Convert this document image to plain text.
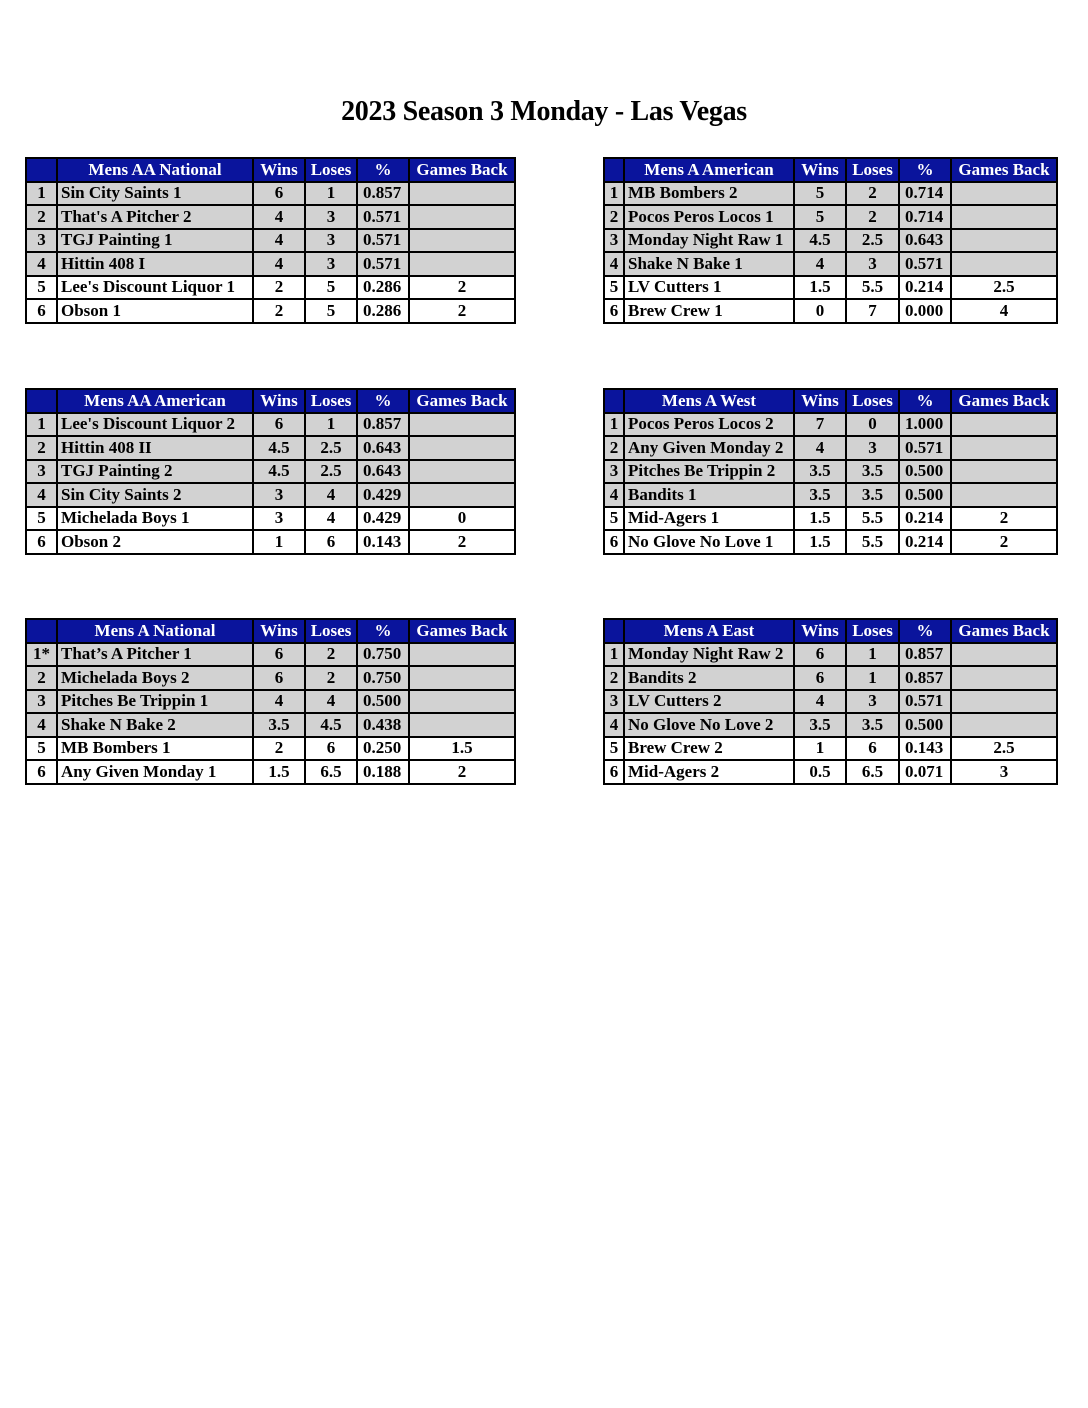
2023 Season 3 Monday - Las Vegas
	Mens AA National	Wins	Loses	%	Games Back
1	Sin City Saints 1	6	1	0.857	
2	That's A Pitcher 2	4	3	0.571	
3	TGJ Painting 1	4	3	0.571	
4	Hittin 408 I	4	3	0.571	
5	Lee's Discount Liquor 1	2	5	0.286	2
6	Obson 1	2	5	0.286	2
	Mens A American	Wins	Loses	%	Games Back
1	MB Bombers 2	5	2	0.714	
2	Pocos Peros Locos 1	5	2	0.714	
3	Monday Night Raw 1	4.5	2.5	0.643	
4	Shake N Bake 1	4	3	0.571	
5	LV Cutters 1	1.5	5.5	0.214	2.5
6	Brew Crew 1	0	7	0.000	4
	Mens AA American	Wins	Loses	%	Games Back
1	Lee's Discount Liquor 2	6	1	0.857	
2	Hittin 408 II	4.5	2.5	0.643	
3	TGJ Painting 2	4.5	2.5	0.643	
4	Sin City Saints 2	3	4	0.429	
5	Michelada Boys 1	3	4	0.429	0
6	Obson 2	1	6	0.143	2
	Mens A West	Wins	Loses	%	Games Back
1	Pocos Peros Locos 2	7	0	1.000	
2	Any Given Monday 2	4	3	0.571	
3	Pitches Be Trippin 2	3.5	3.5	0.500	
4	Bandits 1	3.5	3.5	0.500	
5	Mid-Agers 1	1.5	5.5	0.214	2
6	No Glove No Love 1	1.5	5.5	0.214	2
	Mens A National	Wins	Loses	%	Games Back
1*	That’s A Pitcher 1	6	2	0.750	
2	Michelada Boys 2	6	2	0.750	
3	Pitches Be Trippin 1	4	4	0.500	
4	Shake N Bake 2	3.5	4.5	0.438	
5	MB Bombers 1	2	6	0.250	1.5
6	Any Given Monday 1	1.5	6.5	0.188	2
	Mens A East	Wins	Loses	%	Games Back
1	Monday Night Raw 2	6	1	0.857	
2	Bandits 2	6	1	0.857	
3	LV Cutters 2	4	3	0.571	
4	No Glove No Love 2	3.5	3.5	0.500	
5	Brew Crew 2	1	6	0.143	2.5
6	Mid-Agers 2	0.5	6.5	0.071	3
